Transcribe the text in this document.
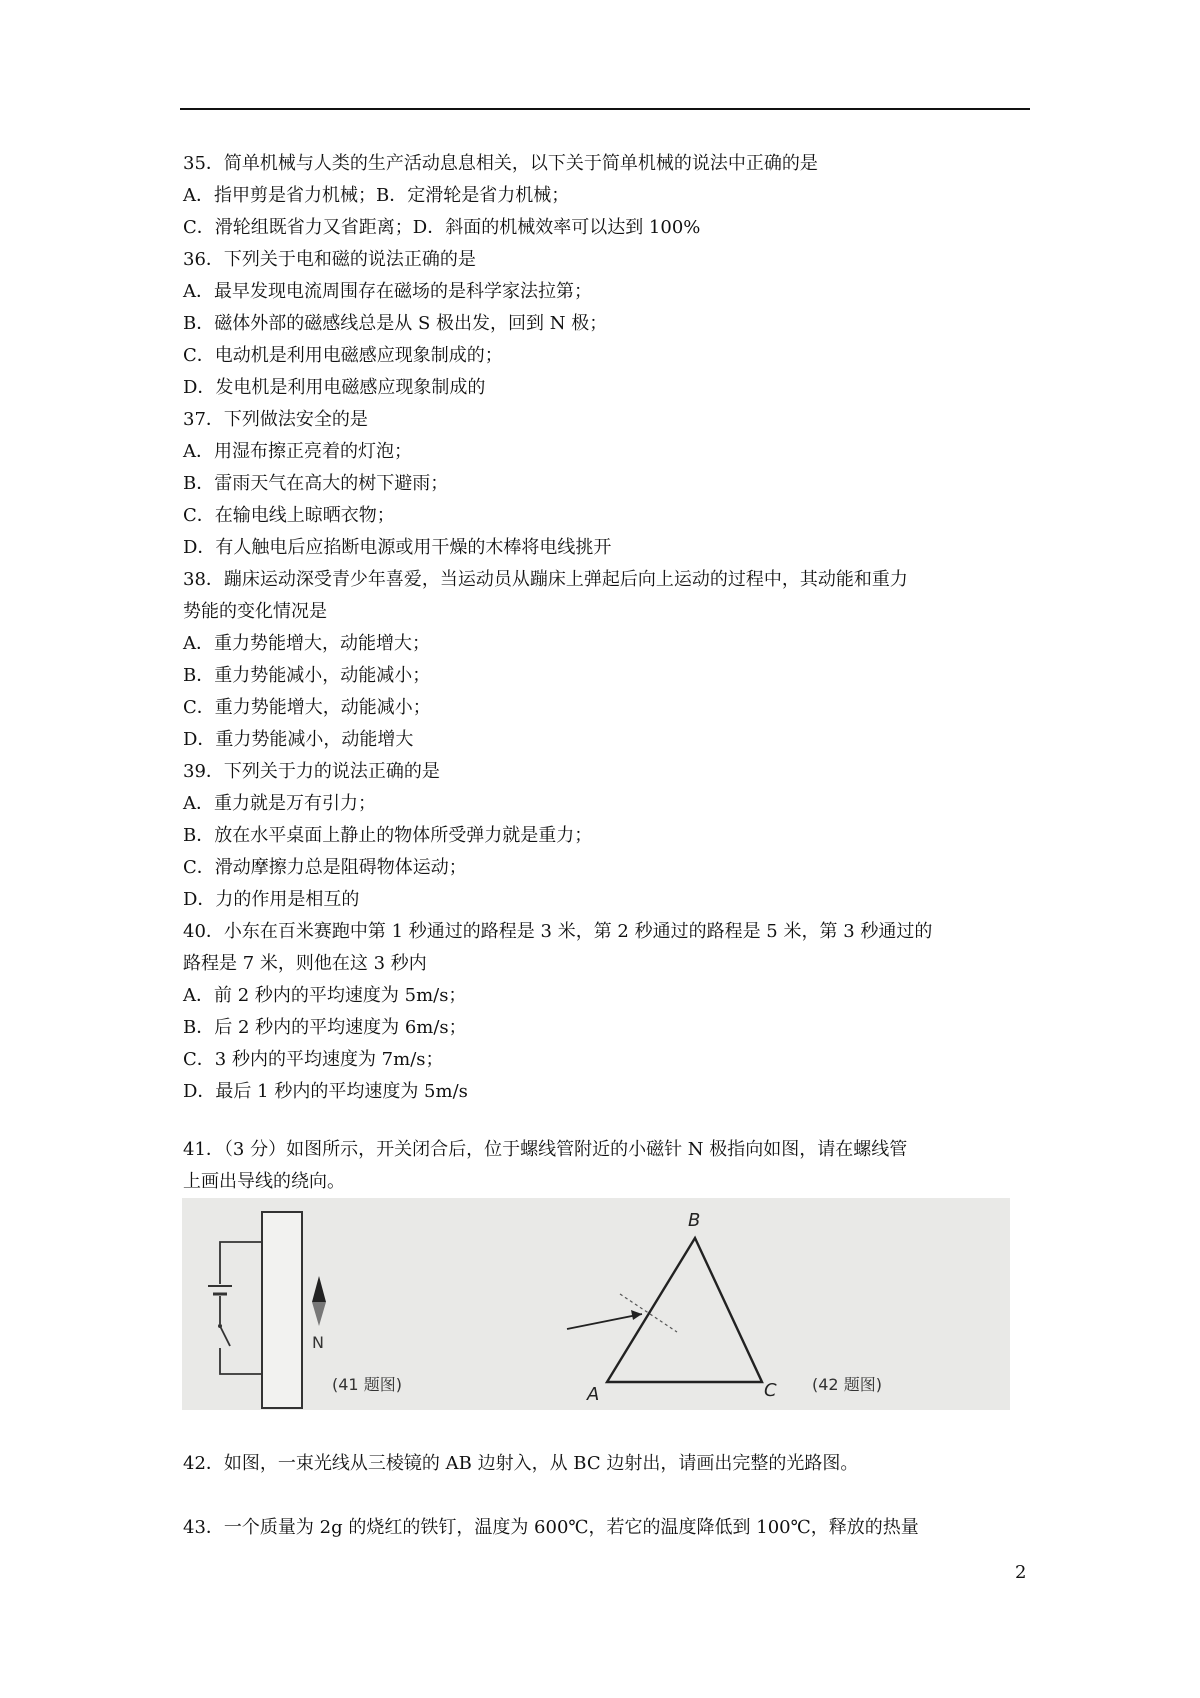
35．简单机械与人类的生产活动息息相关，以下关于简单机械的说法中正确的是
A．指甲剪是省力机械；B．定滑轮是省力机械；
C．滑轮组既省力又省距离；D．斜面的机械效率可以达到 100%
36．下列关于电和磁的说法正确的是
A．最早发现电流周围存在磁场的是科学家法拉第；
B．磁体外部的磁感线总是从 S 极出发，回到 N 极；
C．电动机是利用电磁感应现象制成的；
D．发电机是利用电磁感应现象制成的
37．下列做法安全的是
A．用湿布擦正亮着的灯泡；
B．雷雨天气在高大的树下避雨；
C．在输电线上晾晒衣物；
D．有人触电后应掐断电源或用干燥的木棒将电线挑开
38．蹦床运动深受青少年喜爱，当运动员从蹦床上弹起后向上运动的过程中，其动能和重力
势能的变化情况是
A．重力势能增大，动能增大；
B．重力势能减小，动能减小；
C．重力势能增大，动能减小；
D．重力势能减小，动能增大
39．下列关于力的说法正确的是
A．重力就是万有引力；
B．放在水平桌面上静止的物体所受弹力就是重力；
C．滑动摩擦力总是阻碍物体运动；
D．力的作用是相互的
40．小东在百米赛跑中第 1 秒通过的路程是 3 米，第 2 秒通过的路程是 5 米，第 3 秒通过的
路程是 7 米，则他在这 3 秒内
A．前 2 秒内的平均速度为 5m/s；
B．后 2 秒内的平均速度为 6m/s；
C．3 秒内的平均速度为 7m/s；
D．最后 1 秒内的平均速度为 5m/s
41．（3 分）如图所示，开关闭合后，位于螺线管附近的小磁针 N 极指向如图，请在螺线管
上画出导线的绕向。
N
(41 题图)	A
B
C (42 题图)
42．如图，一束光线从三棱镜的 AB 边射入，从 BC 边射出，请画出完整的光路图。
43．一个质量为 2g 的烧红的铁钉，温度为 600℃，若它的温度降低到 100℃，释放的热量
2
